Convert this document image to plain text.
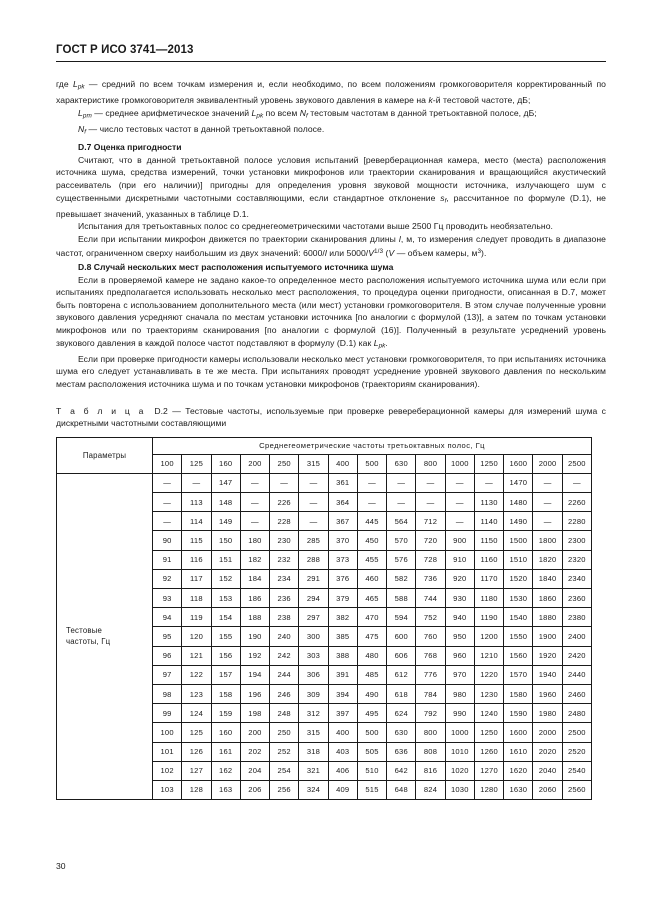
ГОСТ Р ИСО 3741—2013

где $L_{pk}$ — средний по всем точкам измерения и, если необходимо, по всем положениям громкоговорителя корректированный по характеристике громкоговорителя эквивалентный уровень звукового давления в камере на k-й тестовой частоте, дБ;

$L_{pm}$ — среднее арифметическое значений $L_{pk}$ по всем $N_f$ тестовым частотам в данной третьоктавной полосе, дБ;

$N_f$ — число тестовых частот в данной третьоктавной полосе.

D.7 Оценка пригодности

Считают, что в данной третьоктавной полосе условия испытаний [реверберационная камера, место (места) расположения источника шума, средства измерений, точки установки микрофонов или траектории сканирования и вращающийся акустический рассеиватель (при его наличии)] пригодны для определения уровня звуковой мощности источника, излучающего шум с существенными дискретными частотными составляющими, если стандартное отклонение $s_f$, рассчитанное по формуле (D.1), не превышает значений, указанных в таблице D.1.

Испытания для третьоктавных полос со среднегеометрическими частотами выше 2500 Гц проводить необязательно.

Если при испытании микрофон движется по траектории сканирования длины l, м, то измерения следует проводить в диапазоне частот, ограниченном сверху наибольшим из двух значений: 6000/l или $5000/V^{1/3}$ (V — объем камеры, $м^3$).

D.8 Случай нескольких мест расположения испытуемого источника шума

Если в проверяемой камере не задано какое-то определенное место расположения испытуемого источника шума или если при испытаниях предполагается использовать несколько мест расположения, то процедура оценки пригодности, описанная в D.7, может быть повторена с использованием дополнительного места (или мест) установки громкоговорителя. В этом случае полученные уровни звукового давления усредняют сначала по местам установки источника [по аналогии с формулой (13)], а затем по точкам установки микрофонов или по траекториям сканирования [по аналогии с формулой (16)]. Полученный в результате усреднений уровень звукового давления в каждой полосе частот подставляют в формулу (D.1) как $L_{pk}$.

Если при проверке пригодности камеры использовали несколько мест установки громкоговорителя, то при испытаниях источника шума его следует устанавливать в те же места. При испытаниях проводят усреднение уровней звукового давления по нескольким местам расположения источника шума и по точкам установки микрофонов (траекториям сканирования).

Т а б л и ц а D.2 — Тестовые частоты, используемые при проверке ревереберационной камеры для измерений шума с дискретными частотными составляющими
Параметры	Среднегеометрические частоты третьоктавных полос, Гц														
	100	125	160	200	250	315	400	500	630	800	1000	1250	1600	2000	2500

Тестовые
частоты, Гц	—	—	147	—	—	—	361	—	—	—	—	—	1470	—	—
	—	113	148	—	226	—	364	—	—	—	—	1130	1480	—	2260
	—	114	149	—	228	—	367	445	564	712	—	1140	1490	—	2280
	90	115	150	180	230	285	370	450	570	720	900	1150	1500	1800	2300
	91	116	151	182	232	288	373	455	576	728	910	1160	1510	1820	2320
	92	117	152	184	234	291	376	460	582	736	920	1170	1520	1840	2340
	93	118	153	186	236	294	379	465	588	744	930	1180	1530	1860	2360
	94	119	154	188	238	297	382	470	594	752	940	1190	1540	1880	2380
	95	120	155	190	240	300	385	475	600	760	950	1200	1550	1900	2400
	96	121	156	192	242	303	388	480	606	768	960	1210	1560	1920	2420
	97	122	157	194	244	306	391	485	612	776	970	1220	1570	1940	2440
	98	123	158	196	246	309	394	490	618	784	980	1230	1580	1960	2460
	99	124	159	198	248	312	397	495	624	792	990	1240	1590	1980	2480
	100	125	160	200	250	315	400	500	630	800	1000	1250	1600	2000	2500
	101	126	161	202	252	318	403	505	636	808	1010	1260	1610	2020	2520
	102	127	162	204	254	321	406	510	642	816	1020	1270	1620	2040	2540
	103	128	163	206	256	324	409	515	648	824	1030	1280	1630	2060	2560
30
